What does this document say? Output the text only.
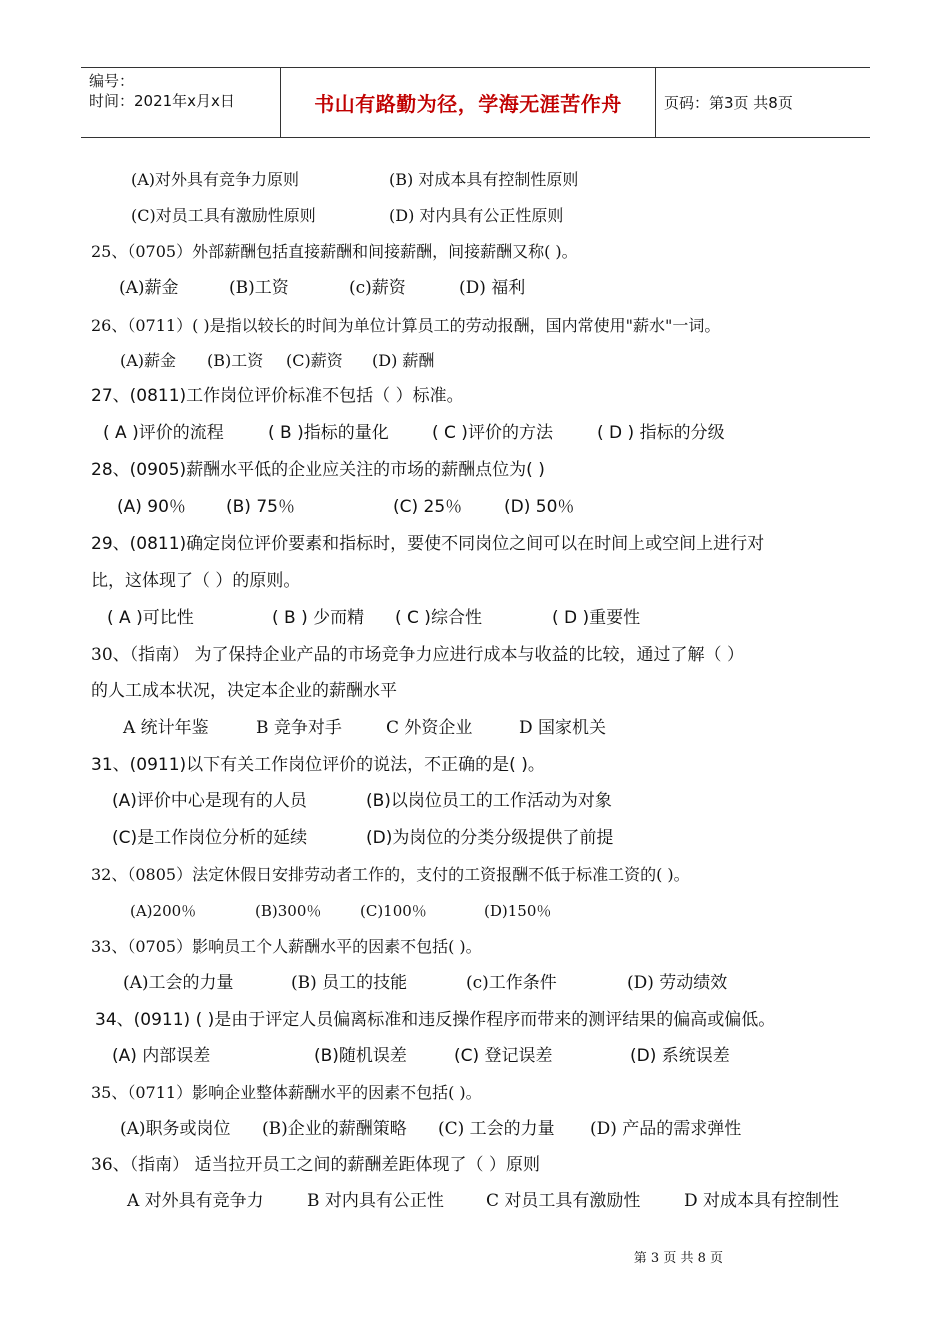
编号：
时间：2021年x月x日	书山有路勤为径，学海无涯苦作舟	页码：第3页 共8页
(A)对外具有竞争力原则	(B) 对成本具有控制性原则
(C)对员工具有激励性原则	(D) 对内具有公正性原则
25、（0705）外部薪酬包括直接薪酬和间接薪酬，间接薪酬又称( )。
(A)薪金	(B)工资	(c)薪资	(D) 福利
26、（0711）( )是指以较长的时间为单位计算员工的劳动报酬，国内常使用"薪水"一词。
(A)薪金 (B)工资 (C)薪资 (D) 薪酬
27、(0811)工作岗位评价标准不包括（ ）标准。
( A )评价的流程	( B )指标的量化	( C )评价的方法	( D ) 指标的分级
28、(0905)薪酬水平低的企业应关注的市场的薪酬点位为( )
(A) 90％ (B) 75％	(C) 25％ (D) 50％
29、(0811)确定岗位评价要素和指标时，要使不同岗位之间可以在时间上或空间上进行对
比，这体现了（ ）的原则。
( A )可比性	( B ) 少而精 ( C )综合性	( D )重要性
30、（指南） 为了保持企业产品的市场竞争力应进行成本与收益的比较，通过了解（ ）
的人工成本状况，决定本企业的薪酬水平
A 统计年鉴	B 竞争对手	C 外资企业	D 国家机关
31、(0911)以下有关工作岗位评价的说法，不正确的是( )。
(A)评价中心是现有的人员	(B)以岗位员工的工作活动为对象
(C)是工作岗位分析的延续	(D)为岗位的分类分级提供了前提
32、（0805）法定休假日安排劳动者工作的，支付的工资报酬不低于标准工资的( )。
(A)200％	(B)300％	(C)100％	(D)150％
33、（0705）影响员工个人薪酬水平的因素不包括( )。
(A)工会的力量	(B) 员工的技能	(c)工作条件	(D) 劳动绩效
34、(0911) ( )是由于评定人员偏离标准和违反操作程序而带来的测评结果的偏高或偏低。
(A) 内部误差	(B)随机误差	(C) 登记误差	(D) 系统误差
35、（0711）影响企业整体薪酬水平的因素不包括( )。
(A)职务或岗位 (B)企业的薪酬策略 (C) 工会的力量 (D) 产品的需求弹性
36、（指南） 适当拉开员工之间的薪酬差距体现了（ ）原则
A 对外具有竞争力	B 对内具有公正性 C 对员工具有激励性	D 对成本具有控制性
第 3 页 共 8 页
